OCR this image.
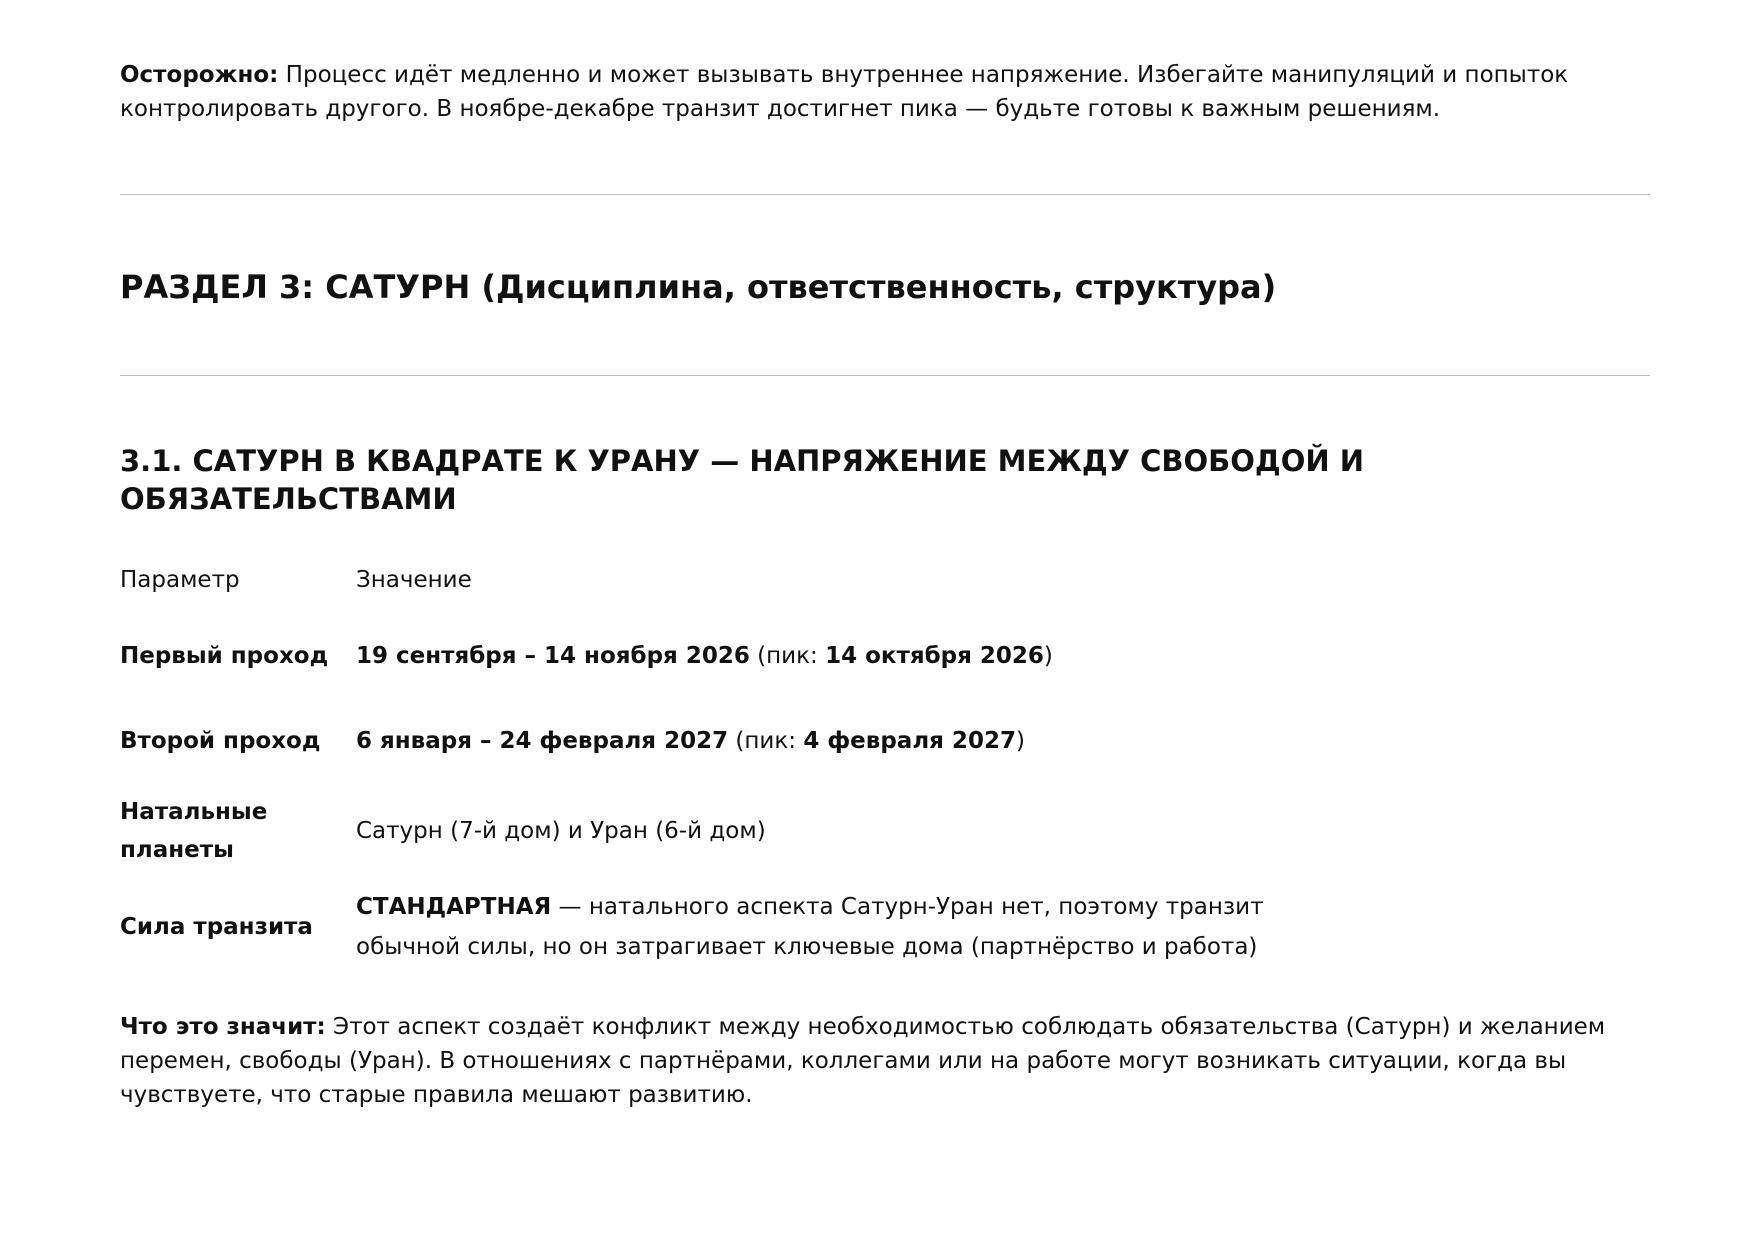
Осторожно: Процесс идёт медленно и может вызывать внутреннее напряжение. Избегайте манипуляций и попыток контролировать другого. В ноябре-декабре транзит достигнет пика — будьте готовы к важным решениям.

РАЗДЕЛ 3: САТУРН (Дисциплина, ответственность, структура)
3.1. САТУРН В КВАДРАТЕ К УРАНУ — НАПРЯЖЕНИЕ МЕЖДУ СВОБОДОЙ И ОБЯЗАТЕЛЬСТВАМИ
Параметр	Значение
Первый проход	19 сентября – 14 ноября 2026 (пик: 14 октября 2026)
Второй проход	6 января – 24 февраля 2027 (пик: 4 февраля 2027)
Натальные планеты	Сатурн (7-й дом) и Уран (6-й дом)
Сила транзита	СТАНДАРТНАЯ — натального аспекта Сатурн-Уран нет, поэтому транзит обычной силы, но он затрагивает ключевые дома (партнёрство и работа)

Что это значит: Этот аспект создаёт конфликт между необходимостью соблюдать обязательства (Сатурн) и желанием перемен, свободы (Уран). В отношениях с партнёрами, коллегами или на работе могут возникать ситуации, когда вы чувствуете, что старые правила мешают развитию.
